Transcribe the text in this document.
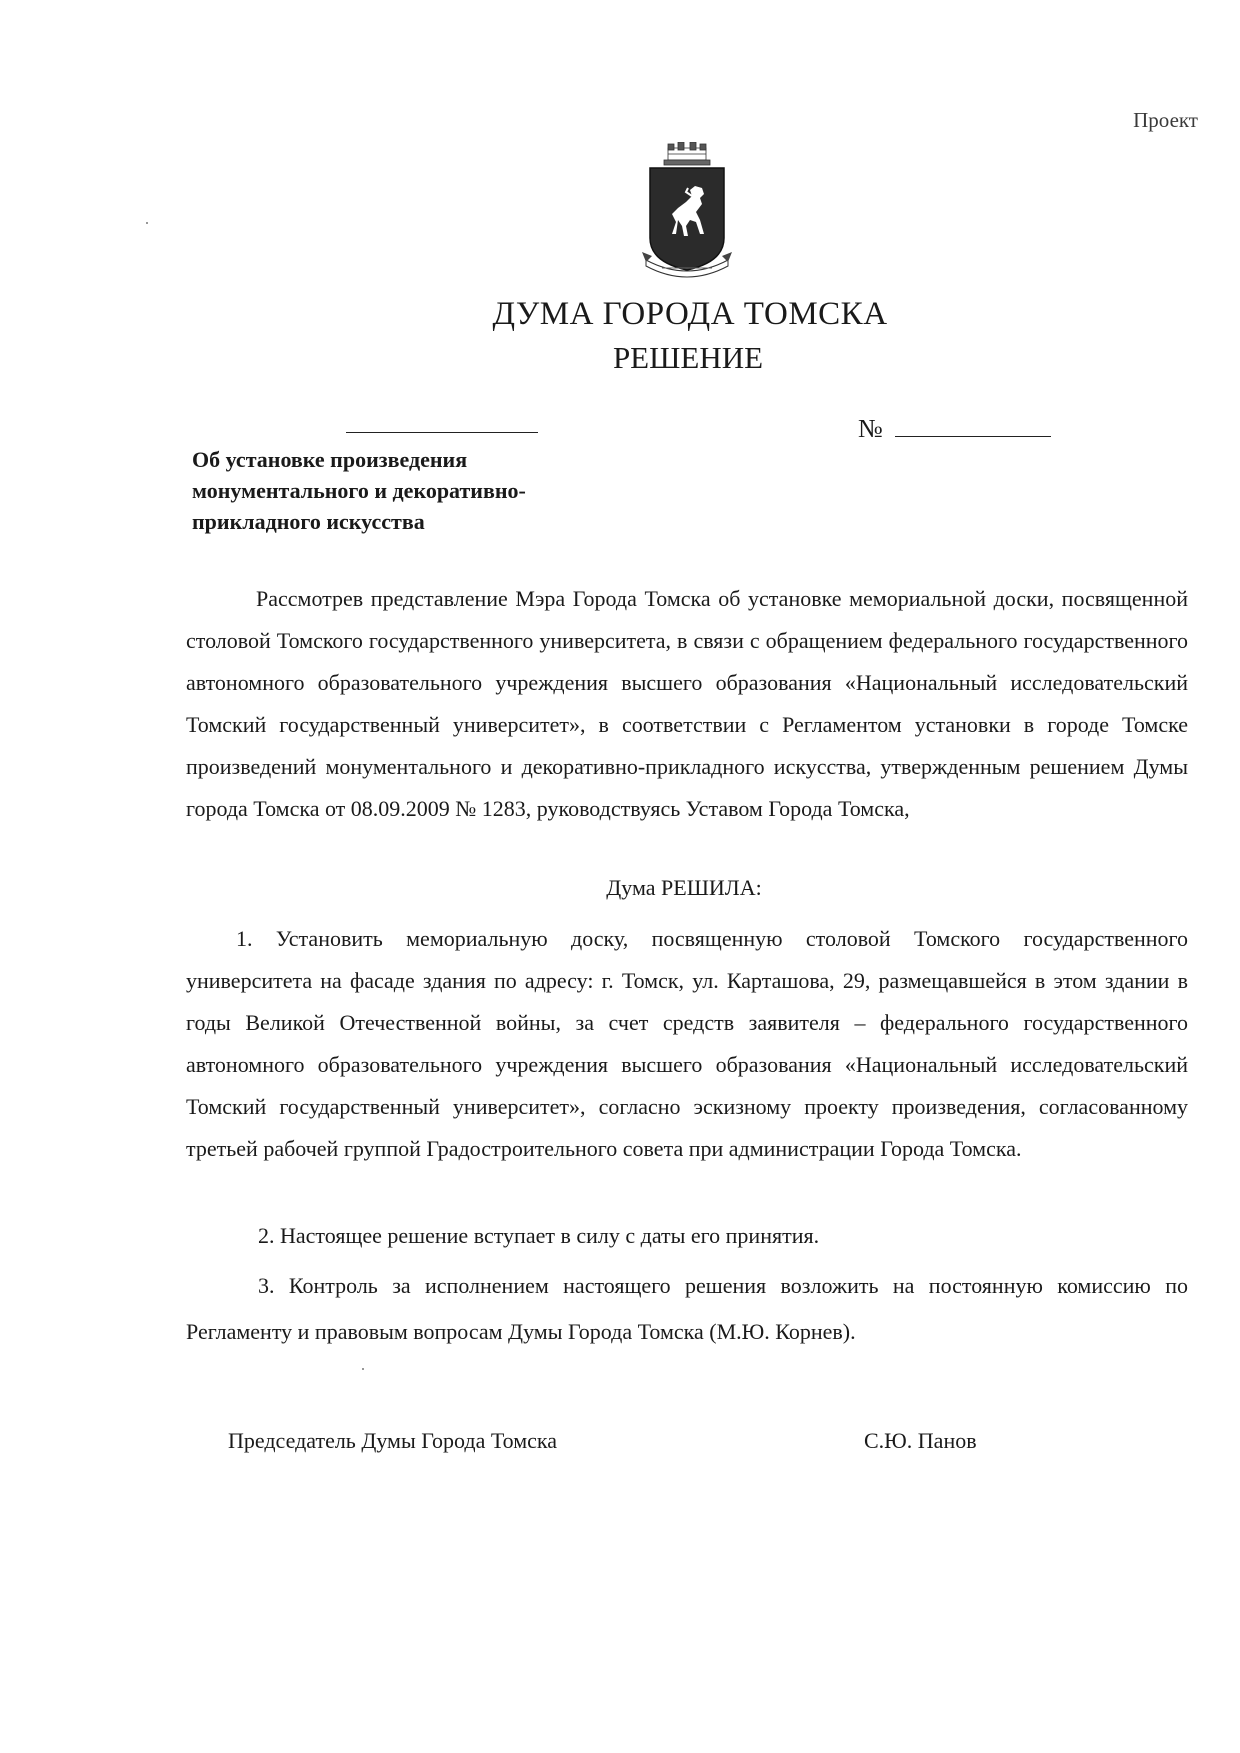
Проект
ДУМА ГОРОДА ТОМСКА
РЕШЕНИЕ
№
Об установке произведения
монументального и декоративно-
прикладного искусства
Рассмотрев представление Мэра Города Томска об установке мемориальной доски, посвященной столовой Томского государственного университета, в связи с обращением федерального государственного автономного образовательного учреждения высшего образования «Национальный исследовательский Томский государственный университет», в соответствии с Регламентом установки в городе Томске произведений монументального и декоративно-прикладного искусства, утвержденным решением Думы города Томска от 08.09.2009 № 1283, руководствуясь Уставом Города Томска,
Дума РЕШИЛА:
1. Установить мемориальную доску, посвященную столовой Томского государственного университета на фасаде здания по адресу: г. Томск, ул. Карташова, 29, размещавшейся в этом здании в годы Великой Отечественной войны, за счет средств заявителя – федерального государственного автономного образовательного учреждения высшего образования «Национальный исследовательский Томский государственный университет», согласно эскизному проекту произведения, согласованному третьей рабочей группой Градостроительного совета при администрации Города Томска.
2. Настоящее решение вступает в силу с даты его принятия.
3. Контроль за исполнением настоящего решения возложить на постоянную комиссию по Регламенту и правовым вопросам Думы Города Томска (М.Ю. Корнев).
Председатель Думы Города Томска	С.Ю. Панов
